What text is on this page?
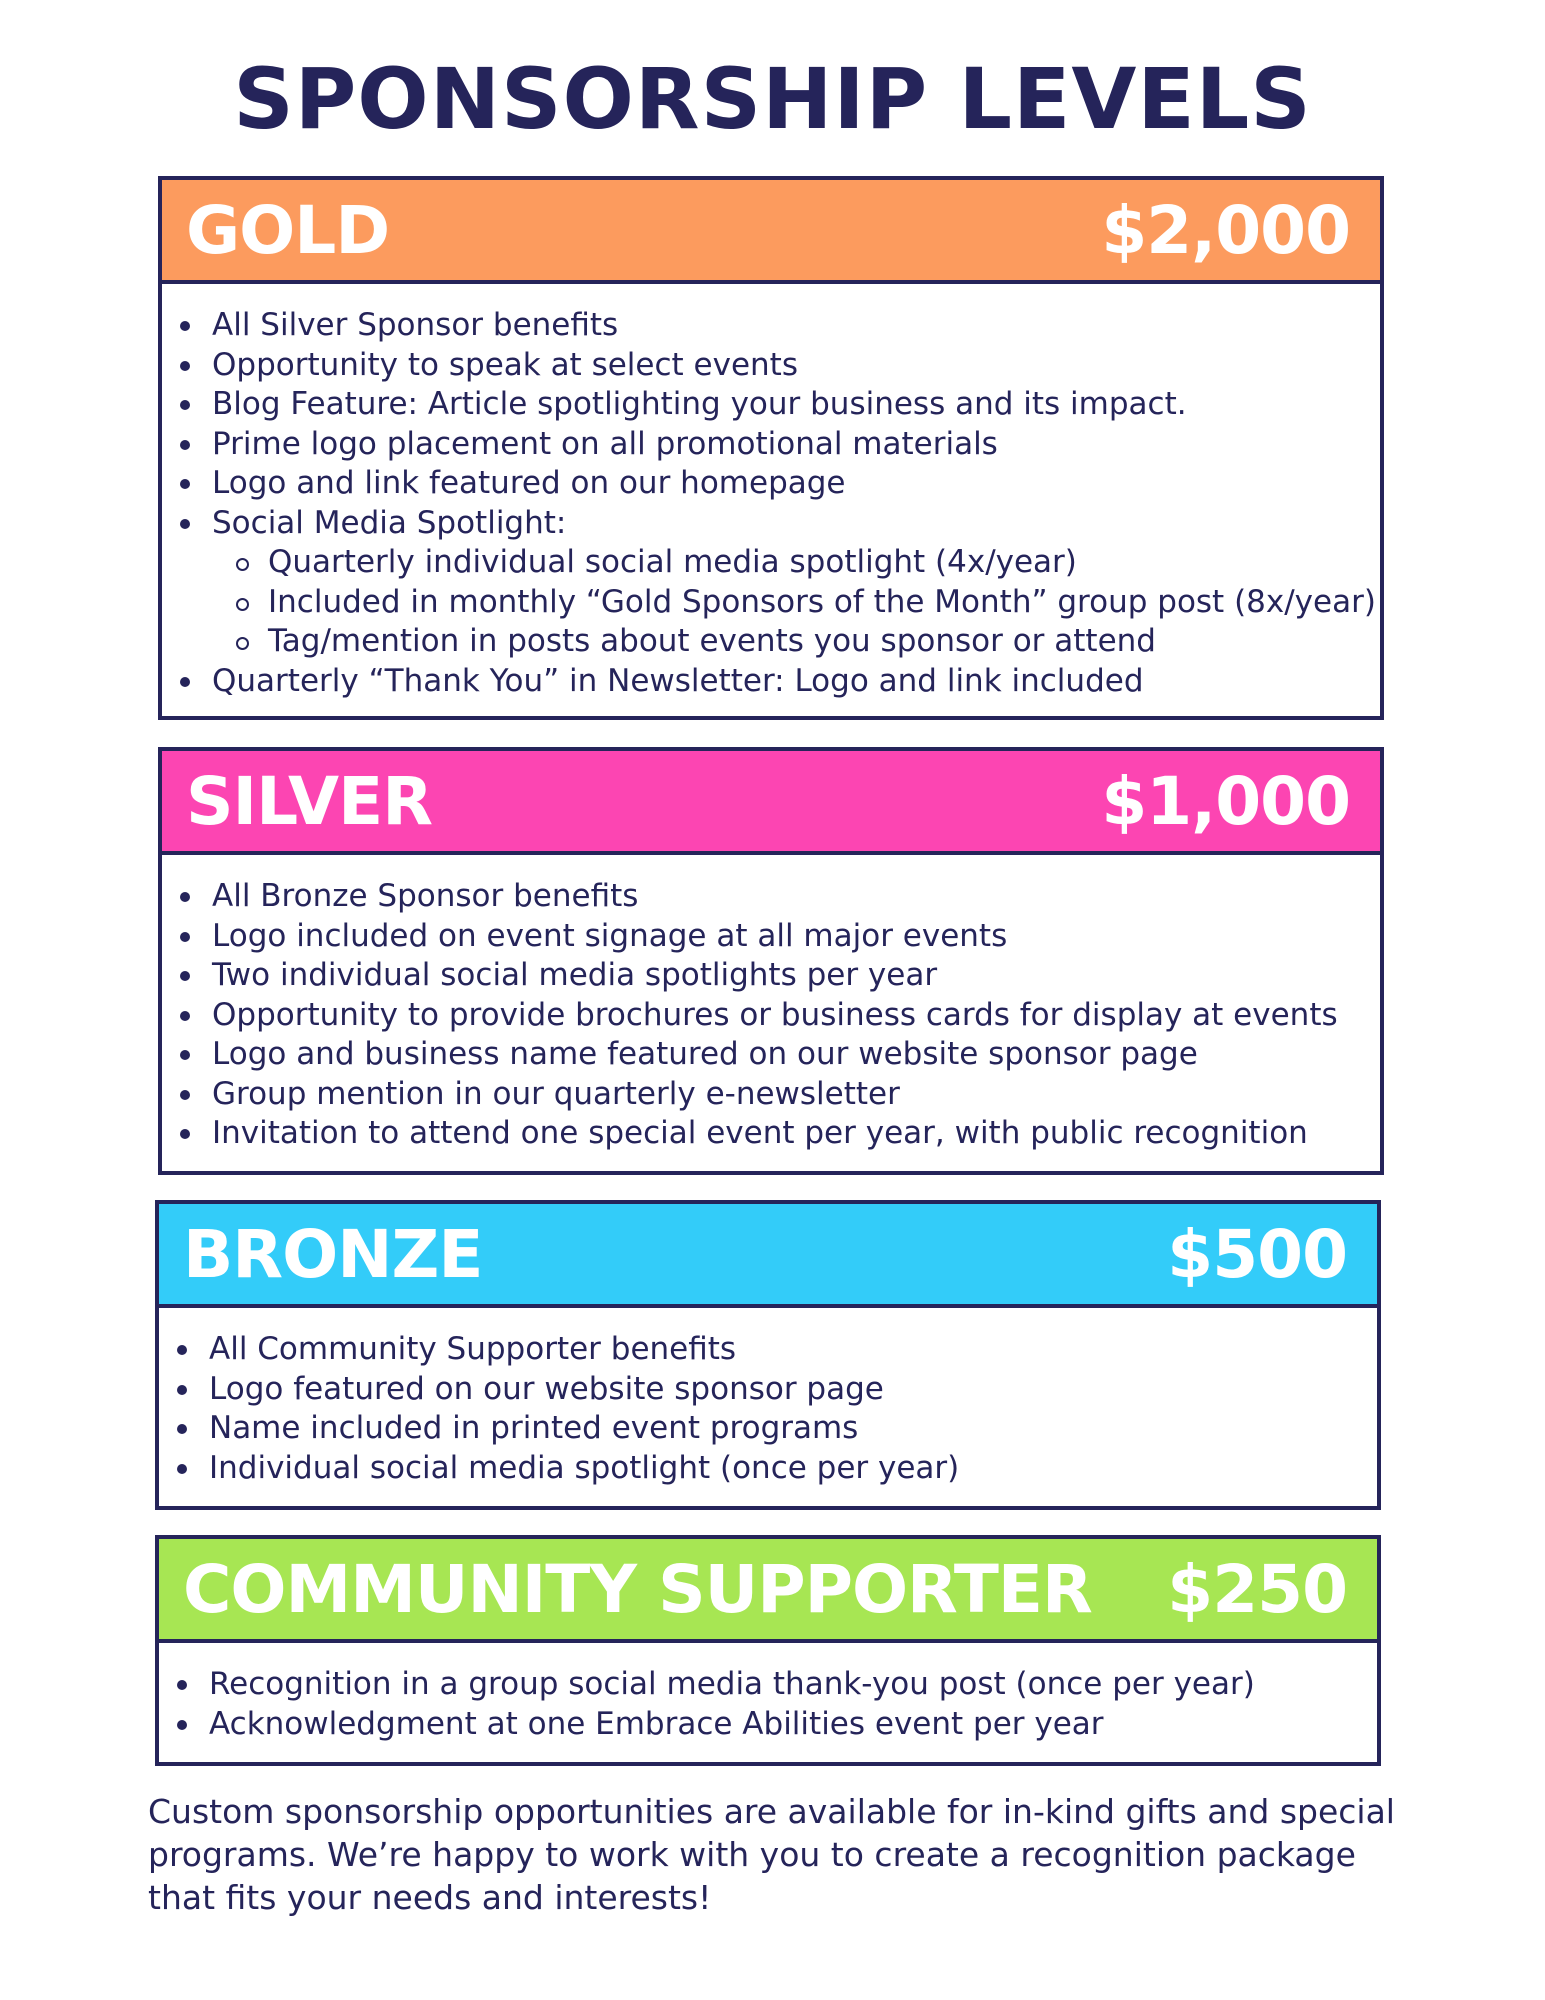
SPONSORSHIP LEVELS
GOLD	$2,000
All Silver Sponsor benefits
Opportunity to speak at select events
Blog Feature: Article spotlighting your business and its impact.
Prime logo placement on all promotional materials
Logo and link featured on our homepage
Social Media Spotlight:
Quarterly individual social media spotlight (4x/year)
Included in monthly “Gold Sponsors of the Month” group post (8x/year)
Tag/mention in posts about events you sponsor or attend
Quarterly “Thank You” in Newsletter: Logo and link included
SILVER	$1,000
All Bronze Sponsor benefits
Logo included on event signage at all major events
Two individual social media spotlights per year
Opportunity to provide brochures or business cards for display at events
Logo and business name featured on our website sponsor page
Group mention in our quarterly e-newsletter
Invitation to attend one special event per year, with public recognition
BRONZE	$500
All Community Supporter benefits
Logo featured on our website sponsor page
Name included in printed event programs
Individual social media spotlight (once per year)
COMMUNITY SUPPORTER $250
Recognition in a group social media thank-you post (once per year)
Acknowledgment at one Embrace Abilities event per year

Custom sponsorship opportunities are available for in-kind gifts and special programs. We’re happy to work with you to create a recognition package that fits your needs and interests!
